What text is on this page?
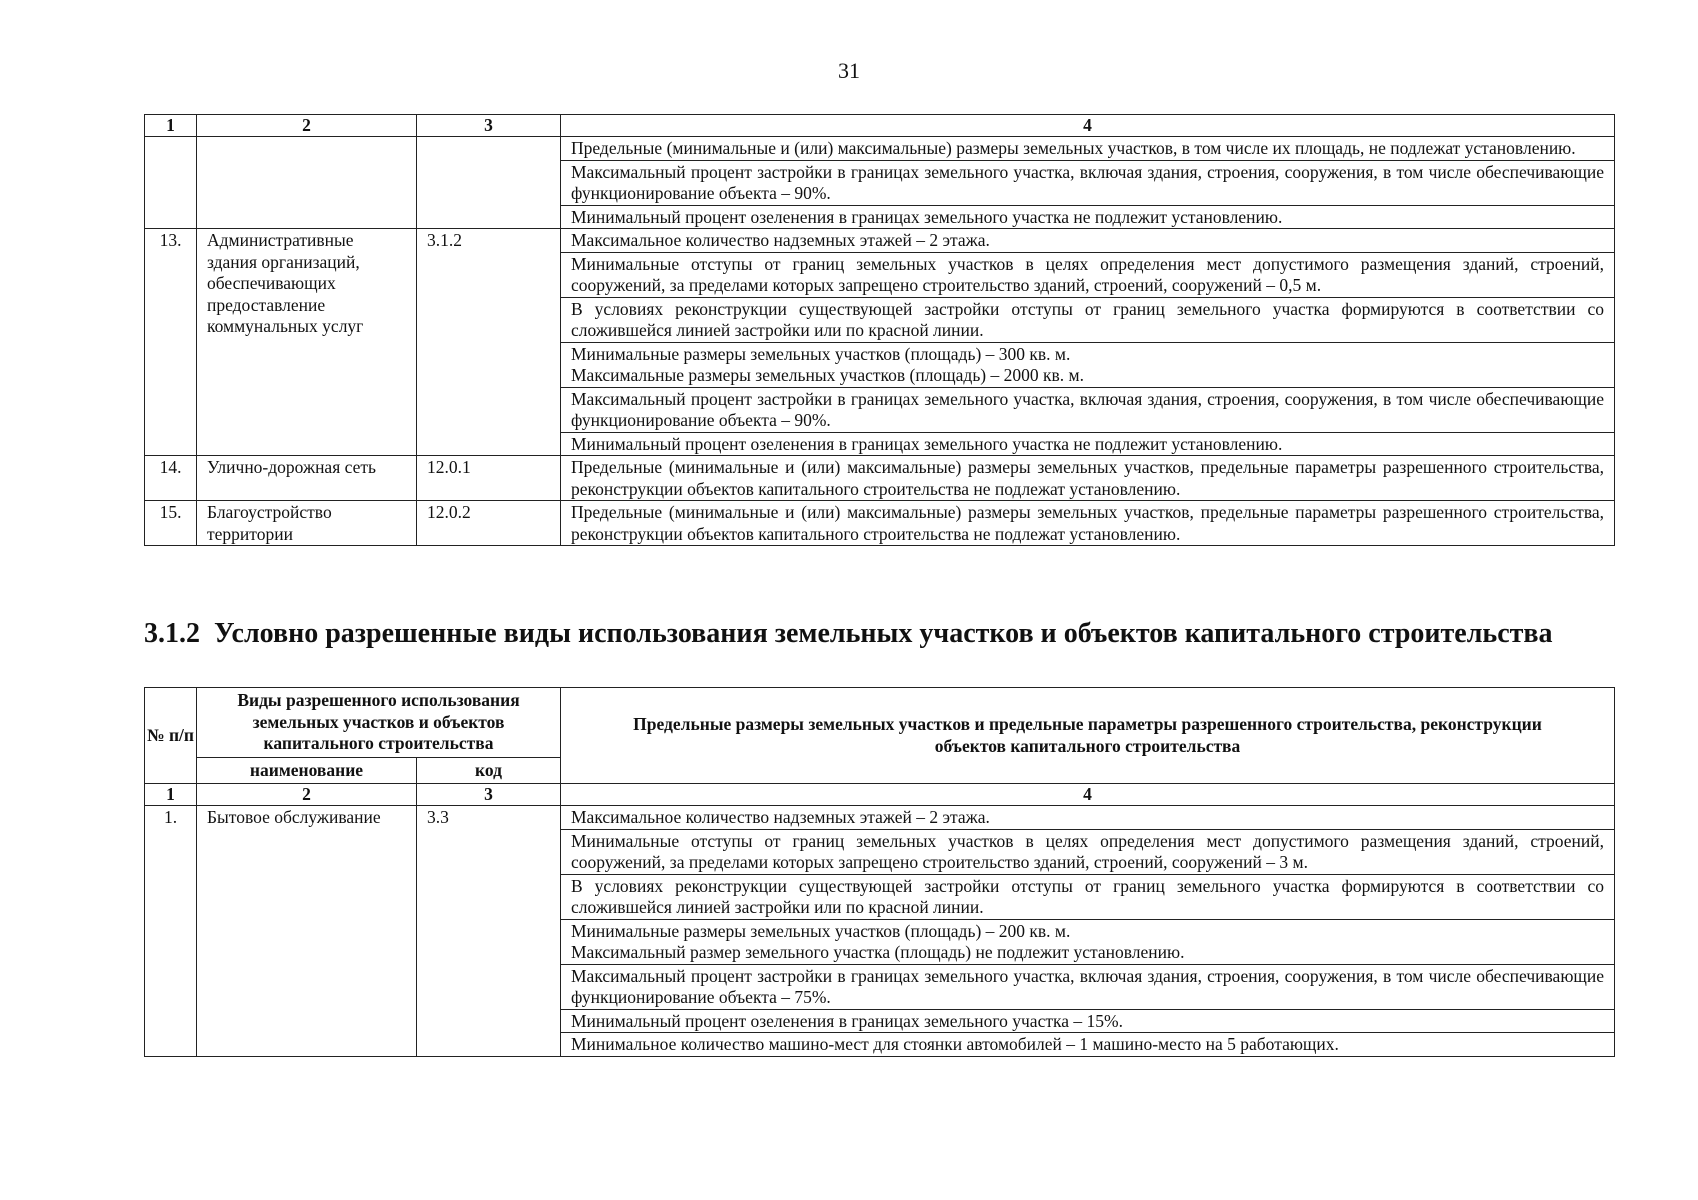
31
1	2	3	4
			Предельные (минимальные и (или) максимальные) размеры земельных участков, в том числе их площадь, не подлежат установлению.
			Максимальный процент застройки в границах земельного участка, включая здания, строения, сооружения, в том числе обеспечивающие функционирование объекта – 90%.
			Минимальный процент озеленения в границах земельного участка не подлежит установлению.
13.	Административные здания организаций, обеспечивающих предоставление коммунальных услуг	3.1.2	Максимальное количество надземных этажей – 2 этажа.
			Минимальные отступы от границ земельных участков в целях определения мест допустимого размещения зданий, строений, сооружений, за пределами которых запрещено строительство зданий, строений, сооружений – 0,5 м.
			В условиях реконструкции существующей застройки отступы от границ земельного участка формируются в соответствии со сложившейся линией застройки или по красной линии.

			Минимальные размеры земельных участков (площадь) – 300 кв. м.
Максимальные размеры земельных участков (площадь) – 2000 кв. м.

			Максимальный процент застройки в границах земельного участка, включая здания, строения, сооружения, в том числе обеспечивающие функционирование объекта – 90%.
			Минимальный процент озеленения в границах земельного участка не подлежит установлению.
14.	Улично-дорожная сеть	12.0.1	Предельные (минимальные и (или) максимальные) размеры земельных участков, предельные параметры разрешенного строительства, реконструкции объектов капитального строительства не подлежат установлению.
15.	Благоустройство территории	12.0.2	Предельные (минимальные и (или) максимальные) размеры земельных участков, предельные параметры разрешенного строительства, реконструкции объектов капитального строительства не подлежат установлению.
3.1.2 Условно разрешенные виды использования земельных участков и объектов капитального строительства
№ п/п	Виды разрешенного использования земельных участков и объектов капитального строительства		Предельные размеры земельных участков и предельные параметры разрешенного строительства, реконструкции объектов капитального строительства
	наименование	код	
1	2	3	4
1.	Бытовое обслуживание	3.3	Максимальное количество надземных этажей – 2 этажа.
			Минимальные отступы от границ земельных участков в целях определения мест допустимого размещения зданий, строений, сооружений, за пределами которых запрещено строительство зданий, строений, сооружений – 3 м.
			В условиях реконструкции существующей застройки отступы от границ земельного участка формируются в соответствии со сложившейся линией застройки или по красной линии.

			Минимальные размеры земельных участков (площадь) – 200 кв. м.
Максимальный размер земельного участка (площадь) не подлежит установлению.

			Максимальный процент застройки в границах земельного участка, включая здания, строения, сооружения, в том числе обеспечивающие функционирование объекта – 75%.
			Минимальный процент озеленения в границах земельного участка – 15%.
			Минимальное количество машино-мест для стоянки автомобилей – 1 машино-место на 5 работающих.
